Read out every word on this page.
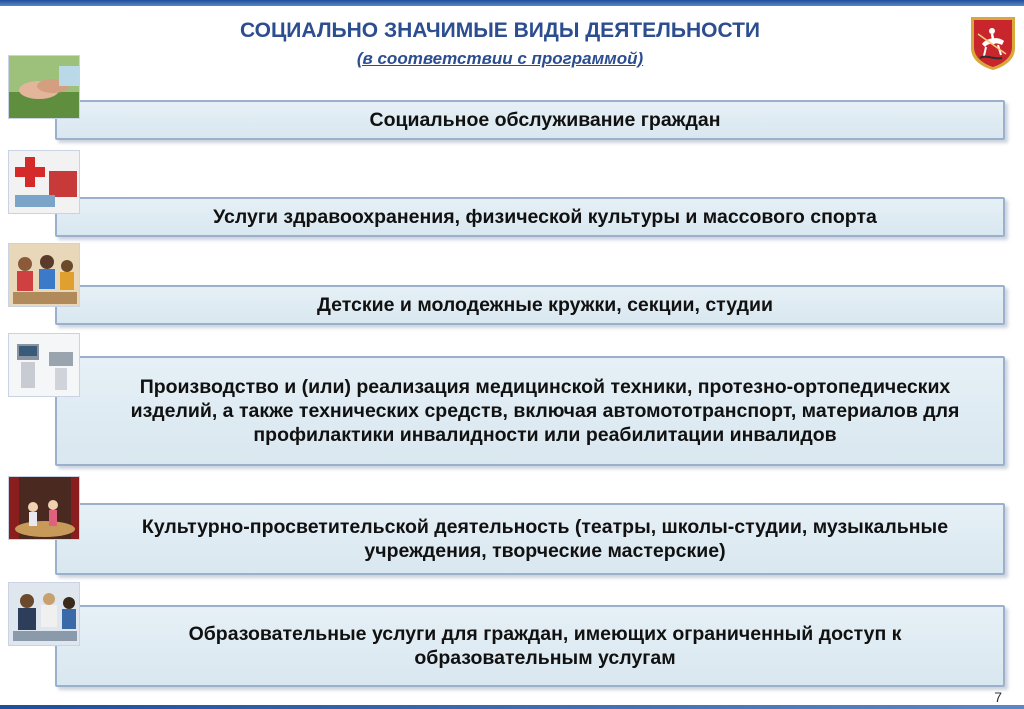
СОЦИАЛЬНО ЗНАЧИМЫЕ ВИДЫ ДЕЯТЕЛЬНОСТИ
(в соответствии с программой)
Социальное обслуживание граждан
Услуги здравоохранения, физической культуры и массового спорта
Детские и молодежные кружки, секции, студии
Производство и (или) реализация медицинской техники, протезно-ортопедических изделий, а также технических средств, включая автомототранспорт, материалов для профилактики инвалидности или реабилитации инвалидов
Культурно-просветительской деятельность (театры, школы-студии, музыкальные учреждения, творческие мастерские)
Образовательные услуги для граждан, имеющих ограниченный доступ к образовательным услугам
7
